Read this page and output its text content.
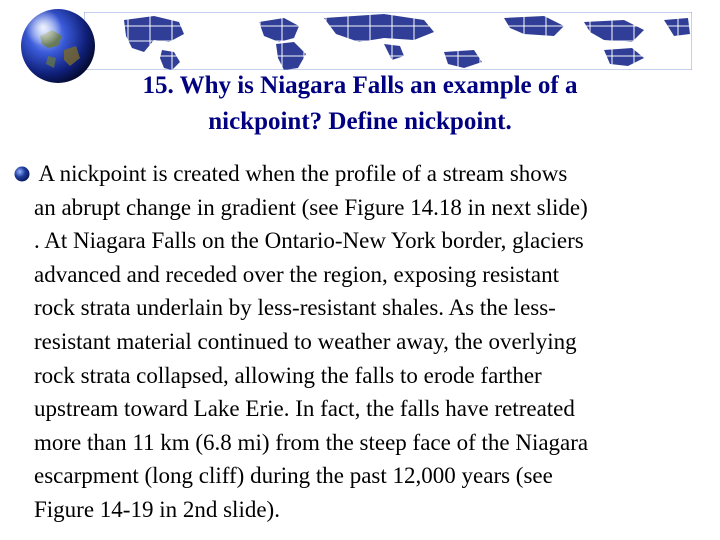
15. Why is Niagara Falls an example of a
nickpoint? Define nickpoint.

A nickpoint is created when the profile of a stream shows
an abrupt change in gradient (see Figure 14.18 in next slide)
. At Niagara Falls on the Ontario-New York border, glaciers
advanced and receded over the region, exposing resistant
rock strata underlain by less-resistant shales. As the less-
resistant material continued to weather away, the overlying
rock strata collapsed, allowing the falls to erode farther
upstream toward Lake Erie. In fact, the falls have retreated
more than 11 km (6.8 mi) from the steep face of the Niagara
escarpment (long cliff) during the past 12,000 years (see
Figure 14-19 in 2nd slide).
